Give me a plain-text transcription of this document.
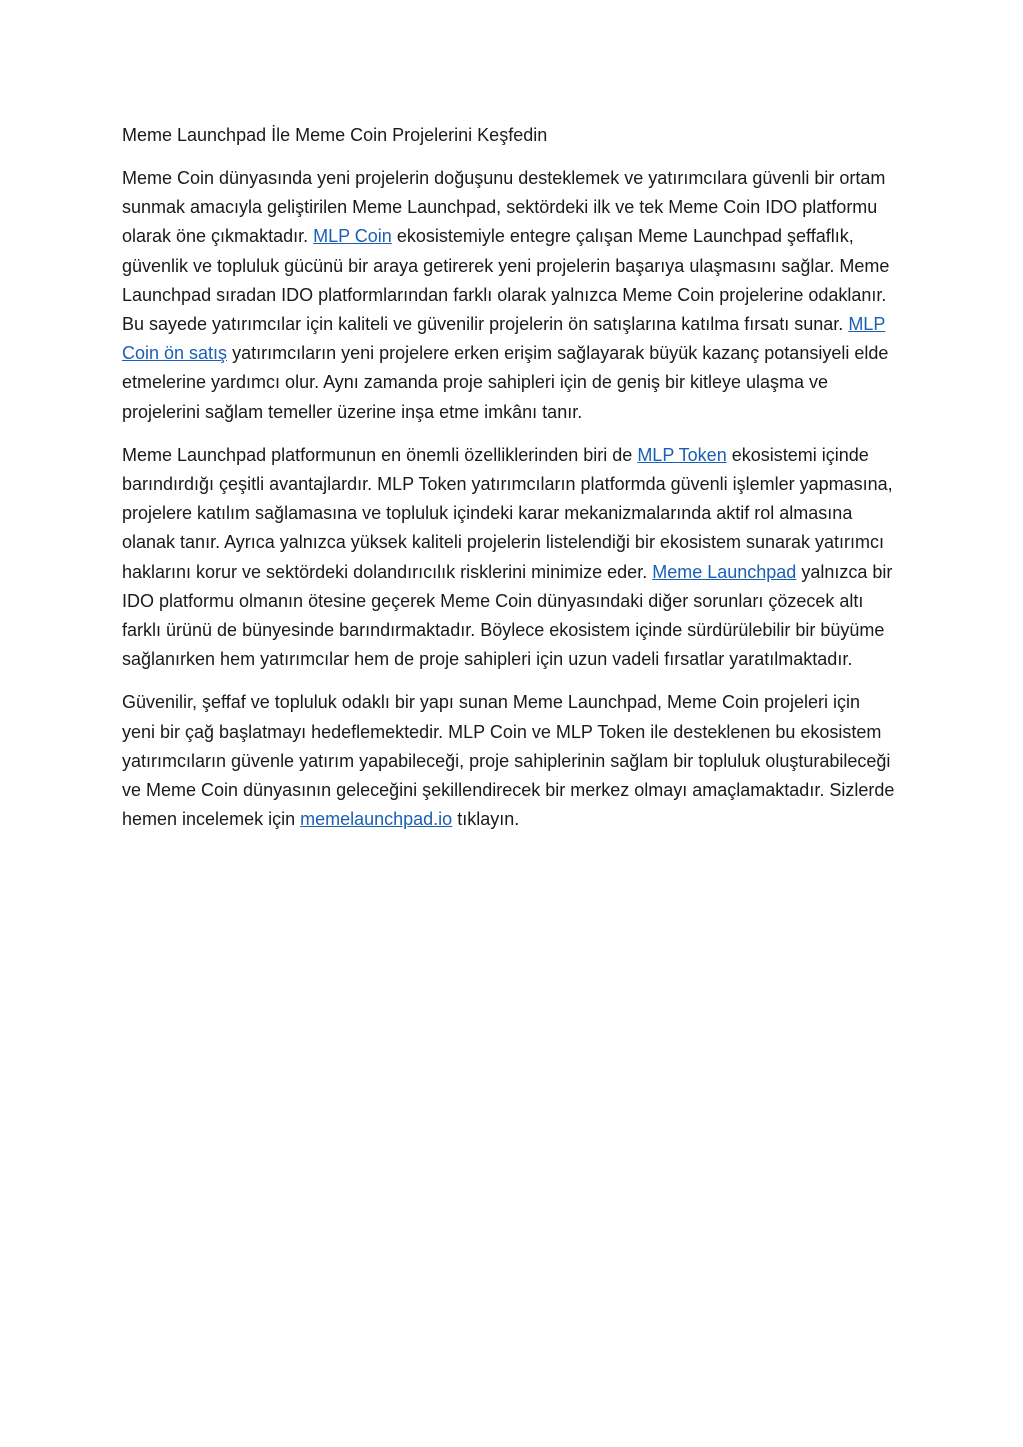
Meme Launchpad İle Meme Coin Projelerini Keşfedin

Meme Coin dünyasında yeni projelerin doğuşunu desteklemek ve yatırımcılara güvenli bir ortam sunmak amacıyla geliştirilen Meme Launchpad, sektördeki ilk ve tek Meme Coin IDO platformu olarak öne çıkmaktadır. MLP Coin ekosistemiyle entegre çalışan Meme Launchpad şeffaflık, güvenlik ve topluluk gücünü bir araya getirerek yeni projelerin başarıya ulaşmasını sağlar. Meme Launchpad sıradan IDO platformlarından farklı olarak yalnızca Meme Coin projelerine odaklanır. Bu sayede yatırımcılar için kaliteli ve güvenilir projelerin ön satışlarına katılma fırsatı sunar. MLP Coin ön satış yatırımcıların yeni projelere erken erişim sağlayarak büyük kazanç potansiyeli elde etmelerine yardımcı olur. Aynı zamanda proje sahipleri için de geniş bir kitleye ulaşma ve projelerini sağlam temeller üzerine inşa etme imkânı tanır.

Meme Launchpad platformunun en önemli özelliklerinden biri de MLP Token ekosistemi içinde barındırdığı çeşitli avantajlardır. MLP Token yatırımcıların platformda güvenli işlemler yapmasına, projelere katılım sağlamasına ve topluluk içindeki karar mekanizmalarında aktif rol almasına olanak tanır. Ayrıca yalnızca yüksek kaliteli projelerin listelendiği bir ekosistem sunarak yatırımcı haklarını korur ve sektördeki dolandırıcılık risklerini minimize eder. Meme Launchpad yalnızca bir IDO platformu olmanın ötesine geçerek Meme Coin dünyasındaki diğer sorunları çözecek altı farklı ürünü de bünyesinde barındırmaktadır. Böylece ekosistem içinde sürdürülebilir bir büyüme sağlanırken hem yatırımcılar hem de proje sahipleri için uzun vadeli fırsatlar yaratılmaktadır.

Güvenilir, şeffaf ve topluluk odaklı bir yapı sunan Meme Launchpad, Meme Coin projeleri için yeni bir çağ başlatmayı hedeflemektedir. MLP Coin ve MLP Token ile desteklenen bu ekosistem yatırımcıların güvenle yatırım yapabileceği, proje sahiplerinin sağlam bir topluluk oluşturabileceği ve Meme Coin dünyasının geleceğini şekillendirecek bir merkez olmayı amaçlamaktadır. Sizlerde hemen incelemek için memelaunchpad.io tıklayın.
